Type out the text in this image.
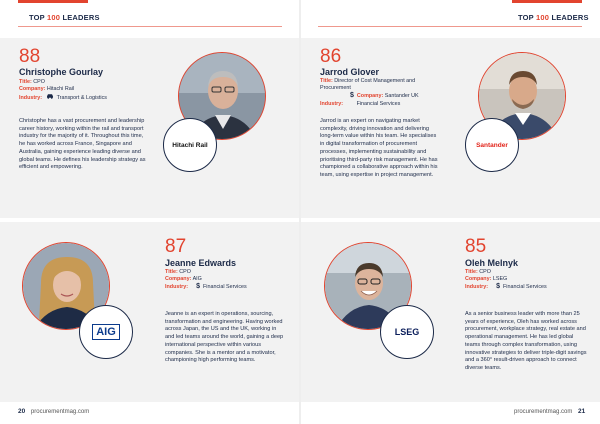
TOP 100 LEADERS	TOP 100 LEADERS
88
Christophe Gourlay
Title: CPO
Company: Hitachi Rail
Industry:	Transport & Logistics
Christophe has a vast procurement and leadership career history, working within the rail and transport industry for the majority of it. Throughout this time, he has worked across France, Singapore and Australia, gaining experience leading diverse and global teams. He defines his leadership strategy as efficient and empowering.
Hitachi Rail
86
Jarrod Glover
Title: Director of Cost Management and Procurement
$ Company: Santander UK
Industry:	Financial Services
Jarrod is an expert on navigating market complexity, driving innovation and delivering long-term value within his team. He specialises in digital transformation of procurement processes, implementing sustainability and prioritising third-party risk management. He has championed a collaborative approach within his team, using expertise in project management.
Santander
AIG
87
Jeanne Edwards
Title: CPO
Company: AIG
Industry: $ Financial Services
Jeanne is an expert in operations, sourcing, transformation and engineering. Having worked across Japan, the US and the UK, working in and led teams around the world, gaining a deep international perspective within various companies. She is a mentor and a motivator, championing high performing teams.
LSEG
85
Oleh Melnyk
Title: CPO
Company: LSEG
Industry: $ Financial Services
As a senior business leader with more than 25 years of experience, Oleh has worked across procurement, workplace strategy, real estate and operational management. He has led global teams through complex transformation, using innovative strategies to deliver triple-digit savings and a 360° result-driven approach to connect diverse teams.
20 procurementmag.com	procurementmag.com 21
